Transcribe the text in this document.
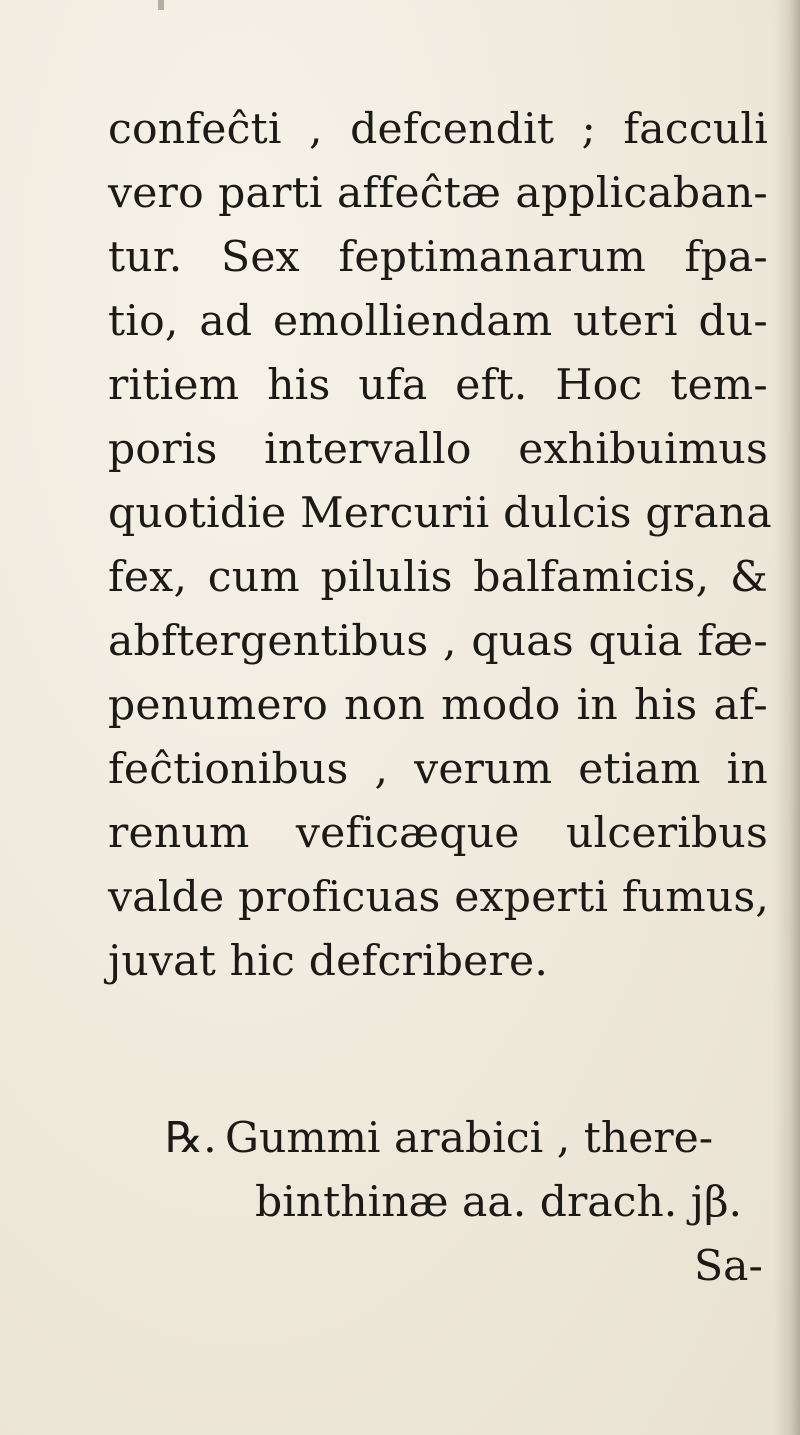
confeĉti , defcendit ; facculi
vero parti affeĉtæ applicaban-
tur. Sex feptimanarum fpa-
tio, ad emolliendam uteri du-
ritiem his ufa eft. Hoc tem-
poris intervallo exhibuimus
quotidie Mercurii dulcis grana
fex, cum pilulis balfamicis, &
abftergentibus , quas quia fæ-
penumero non modo in his af-
feĉtionibus , verum etiam in
renum veficæque ulceribus
valde proficuas experti fumus,
juvat hic defcribere.
℞. Gummi arabici , there-
binthinæ aa. drach. jβ.
Sa-
